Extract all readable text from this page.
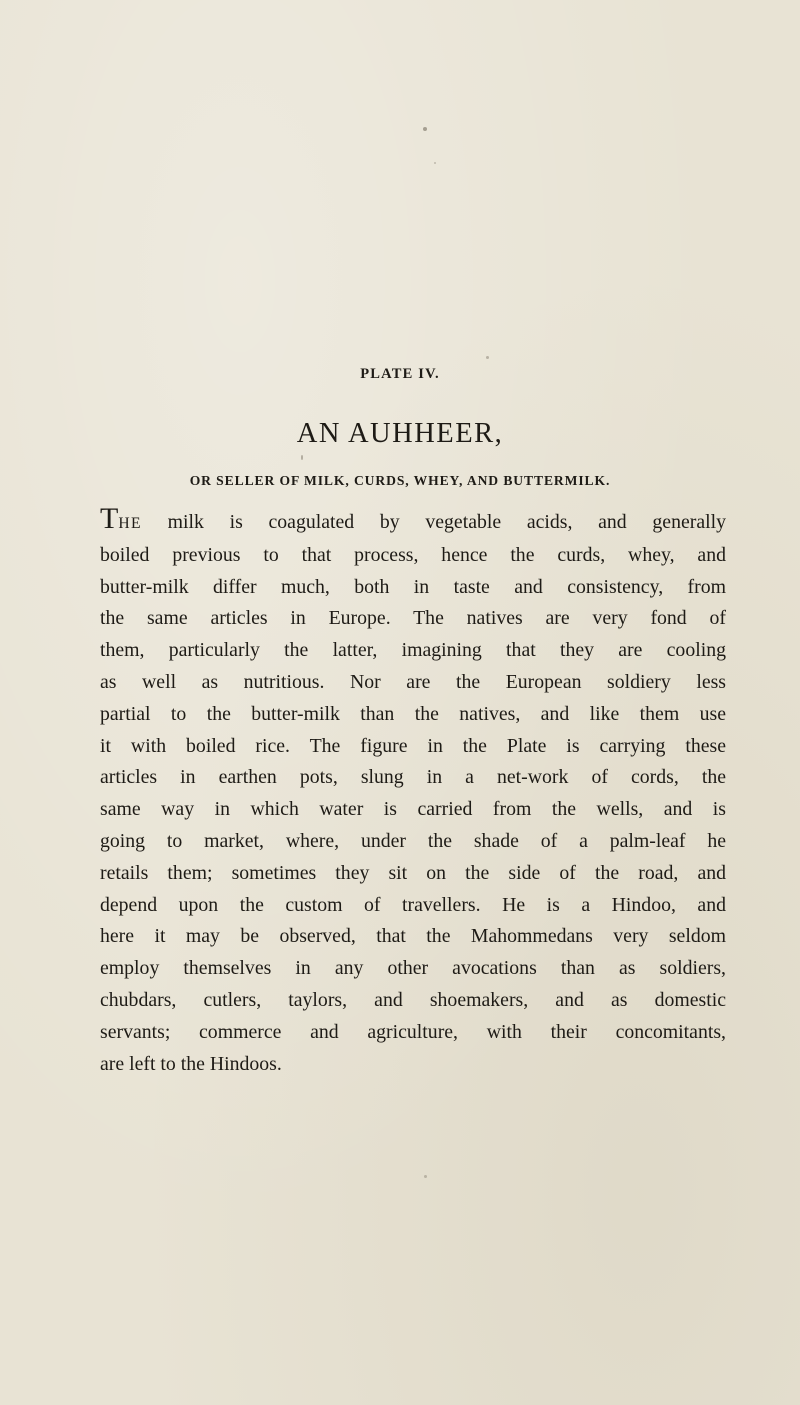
PLATE IV.
AN AUHHEER,
OR SELLER OF MILK, CURDS, WHEY, AND BUTTERMILK.
THE milk is coagulated by vegetable acids, and generally
boiled previous to that process, hence the curds, whey, and
butter-milk differ much, both in taste and consistency, from
the same articles in Europe. The natives are very fond of
them, particularly the latter, imagining that they are cooling
as well as nutritious. Nor are the European soldiery less
partial to the butter-milk than the natives, and like them use
it with boiled rice. The figure in the Plate is carrying these
articles in earthen pots, slung in a net-work of cords, the
same way in which water is carried from the wells, and is
going to market, where, under the shade of a palm-leaf he
retails them; sometimes they sit on the side of the road, and
depend upon the custom of travellers. He is a Hindoo, and
here it may be observed, that the Mahommedans very seldom
employ themselves in any other avocations than as soldiers,
chubdars, cutlers, taylors, and shoemakers, and as domestic
servants; commerce and agriculture, with their concomitants,
are left to the Hindoos.
